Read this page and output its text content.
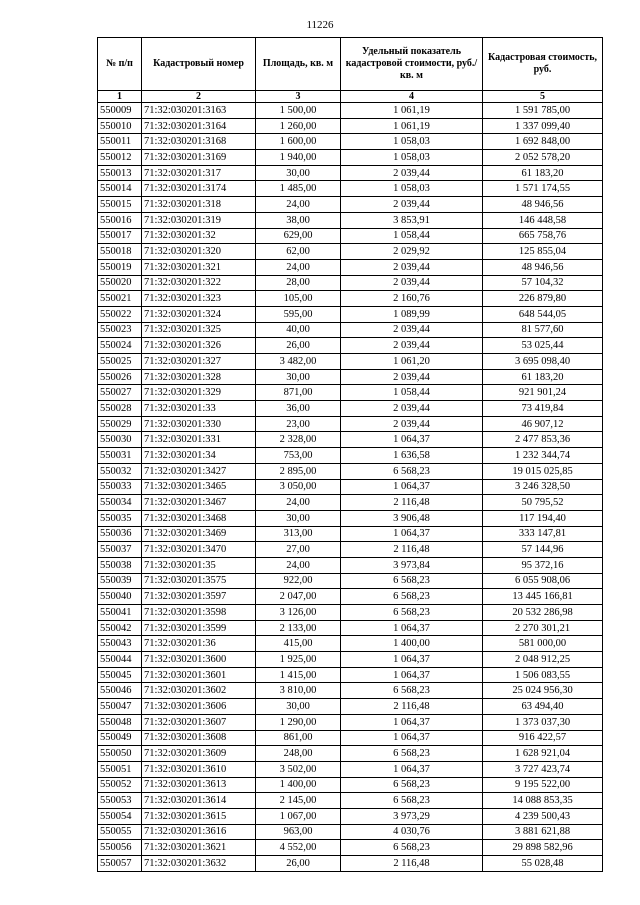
11226
№ п/п	Кадастровый номер	Площадь, кв. м	Удельный показатель кадастровой стоимости, руб./кв. м	Кадастровая стоимость, руб.
1	2	3	4	5
550009	71:32:030201:3163	1 500,00	1 061,19	1 591 785,00
550010	71:32:030201:3164	1 260,00	1 061,19	1 337 099,40
550011	71:32:030201:3168	1 600,00	1 058,03	1 692 848,00
550012	71:32:030201:3169	1 940,00	1 058,03	2 052 578,20
550013	71:32:030201:317	30,00	2 039,44	61 183,20
550014	71:32:030201:3174	1 485,00	1 058,03	1 571 174,55
550015	71:32:030201:318	24,00	2 039,44	48 946,56
550016	71:32:030201:319	38,00	3 853,91	146 448,58
550017	71:32:030201:32	629,00	1 058,44	665 758,76
550018	71:32:030201:320	62,00	2 029,92	125 855,04
550019	71:32:030201:321	24,00	2 039,44	48 946,56
550020	71:32:030201:322	28,00	2 039,44	57 104,32
550021	71:32:030201:323	105,00	2 160,76	226 879,80
550022	71:32:030201:324	595,00	1 089,99	648 544,05
550023	71:32:030201:325	40,00	2 039,44	81 577,60
550024	71:32:030201:326	26,00	2 039,44	53 025,44
550025	71:32:030201:327	3 482,00	1 061,20	3 695 098,40
550026	71:32:030201:328	30,00	2 039,44	61 183,20
550027	71:32:030201:329	871,00	1 058,44	921 901,24
550028	71:32:030201:33	36,00	2 039,44	73 419,84
550029	71:32:030201:330	23,00	2 039,44	46 907,12
550030	71:32:030201:331	2 328,00	1 064,37	2 477 853,36
550031	71:32:030201:34	753,00	1 636,58	1 232 344,74
550032	71:32:030201:3427	2 895,00	6 568,23	19 015 025,85
550033	71:32:030201:3465	3 050,00	1 064,37	3 246 328,50
550034	71:32:030201:3467	24,00	2 116,48	50 795,52
550035	71:32:030201:3468	30,00	3 906,48	117 194,40
550036	71:32:030201:3469	313,00	1 064,37	333 147,81
550037	71:32:030201:3470	27,00	2 116,48	57 144,96
550038	71:32:030201:35	24,00	3 973,84	95 372,16
550039	71:32:030201:3575	922,00	6 568,23	6 055 908,06
550040	71:32:030201:3597	2 047,00	6 568,23	13 445 166,81
550041	71:32:030201:3598	3 126,00	6 568,23	20 532 286,98
550042	71:32:030201:3599	2 133,00	1 064,37	2 270 301,21
550043	71:32:030201:36	415,00	1 400,00	581 000,00
550044	71:32:030201:3600	1 925,00	1 064,37	2 048 912,25
550045	71:32:030201:3601	1 415,00	1 064,37	1 506 083,55
550046	71:32:030201:3602	3 810,00	6 568,23	25 024 956,30
550047	71:32:030201:3606	30,00	2 116,48	63 494,40
550048	71:32:030201:3607	1 290,00	1 064,37	1 373 037,30
550049	71:32:030201:3608	861,00	1 064,37	916 422,57
550050	71:32:030201:3609	248,00	6 568,23	1 628 921,04
550051	71:32:030201:3610	3 502,00	1 064,37	3 727 423,74
550052	71:32:030201:3613	1 400,00	6 568,23	9 195 522,00
550053	71:32:030201:3614	2 145,00	6 568,23	14 088 853,35
550054	71:32:030201:3615	1 067,00	3 973,29	4 239 500,43
550055	71:32:030201:3616	963,00	4 030,76	3 881 621,88
550056	71:32:030201:3621	4 552,00	6 568,23	29 898 582,96
550057	71:32:030201:3632	26,00	2 116,48	55 028,48
